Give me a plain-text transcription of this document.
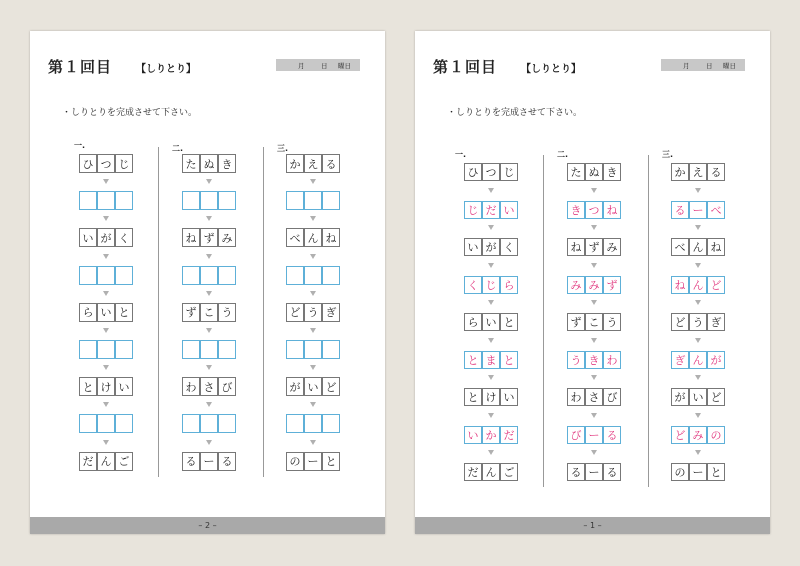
第１回目 【しりとり】	月	日 曜日
・しりとりを完成させて下さい。
一.	二.	三.
ひ つ じ
い が く
ら い と
と け い
だ ん ご
た ぬ き
ね ず み
ず こ う
わ さ び
る ー る
か え る
べ ん ね
ど う ぎ
が い ど
の ー と
– 2 –
第１回目 【しりとり】	月	日 曜日
・しりとりを完成させて下さい。
一.	二.	三.
ひ つ じ
じ だ い
い が く
く じ ら
ら い と
と ま と
と け い
い か だ
だ ん ご
た ぬ き
き つ ね
ね ず み
み み ず
ず こ う
う き わ
わ さ び
び ー る
る ー る
か え る
る ー べ
べ ん ね
ね ん ど
ど う ぎ
ぎ ん が
が い ど
ど み の
の ー と
– 1 –
